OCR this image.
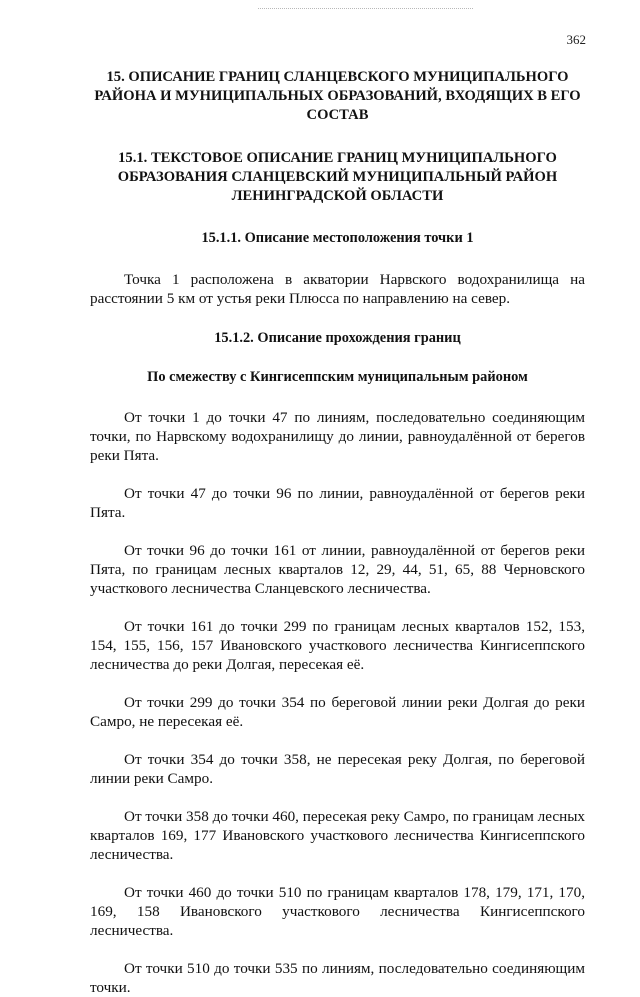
362
15. ОПИСАНИЕ ГРАНИЦ СЛАНЦЕВСКОГО МУНИЦИПАЛЬНОГО РАЙОНА И МУНИЦИПАЛЬНЫХ ОБРАЗОВАНИЙ, ВХОДЯЩИХ В ЕГО СОСТАВ
15.1. ТЕКСТОВОЕ ОПИСАНИЕ ГРАНИЦ МУНИЦИПАЛЬНОГО ОБРАЗОВАНИЯ СЛАНЦЕВСКИЙ МУНИЦИПАЛЬНЫЙ РАЙОН ЛЕНИНГРАДСКОЙ ОБЛАСТИ
15.1.1. Описание местоположения точки 1

Точка 1 расположена в акватории Нарвского водохранилища на расстоянии 5 км от устья реки Плюсса по направлению на север.

15.1.2. Описание прохождения границ
По смежеству с Кингисеппским муниципальным районом

От точки 1 до точки 47 по линиям, последовательно соединяющим точки, по Нарвскому водохранилищу до линии, равноудалённой от берегов реки Пята.

От точки 47 до точки 96 по линии, равноудалённой от берегов реки Пята.

От точки 96 до точки 161 от линии, равноудалённой от берегов реки Пята, по границам лесных кварталов 12, 29, 44, 51, 65, 88 Черновского участкового лесничества Сланцевского лесничества.

От точки 161 до точки 299 по границам лесных кварталов 152, 153, 154, 155, 156, 157 Ивановского участкового лесничества Кингисеппского лесничества до реки Долгая, пересекая её.

От точки 299 до точки 354 по береговой линии реки Долгая до реки Самро, не пересекая её.

От точки 354 до точки 358, не пересекая реку Долгая, по береговой линии реки Самро.

От точки 358 до точки 460, пересекая реку Самро, по границам лесных кварталов 169, 177 Ивановского участкового лесничества Кингисеппского лесничества.

От точки 460 до точки 510 по границам кварталов 178, 179, 171, 170, 169, 158 Ивановского участкового лесничества Кингисеппского лесничества.

От точки 510 до точки 535 по линиям, последовательно соединяющим точки.
